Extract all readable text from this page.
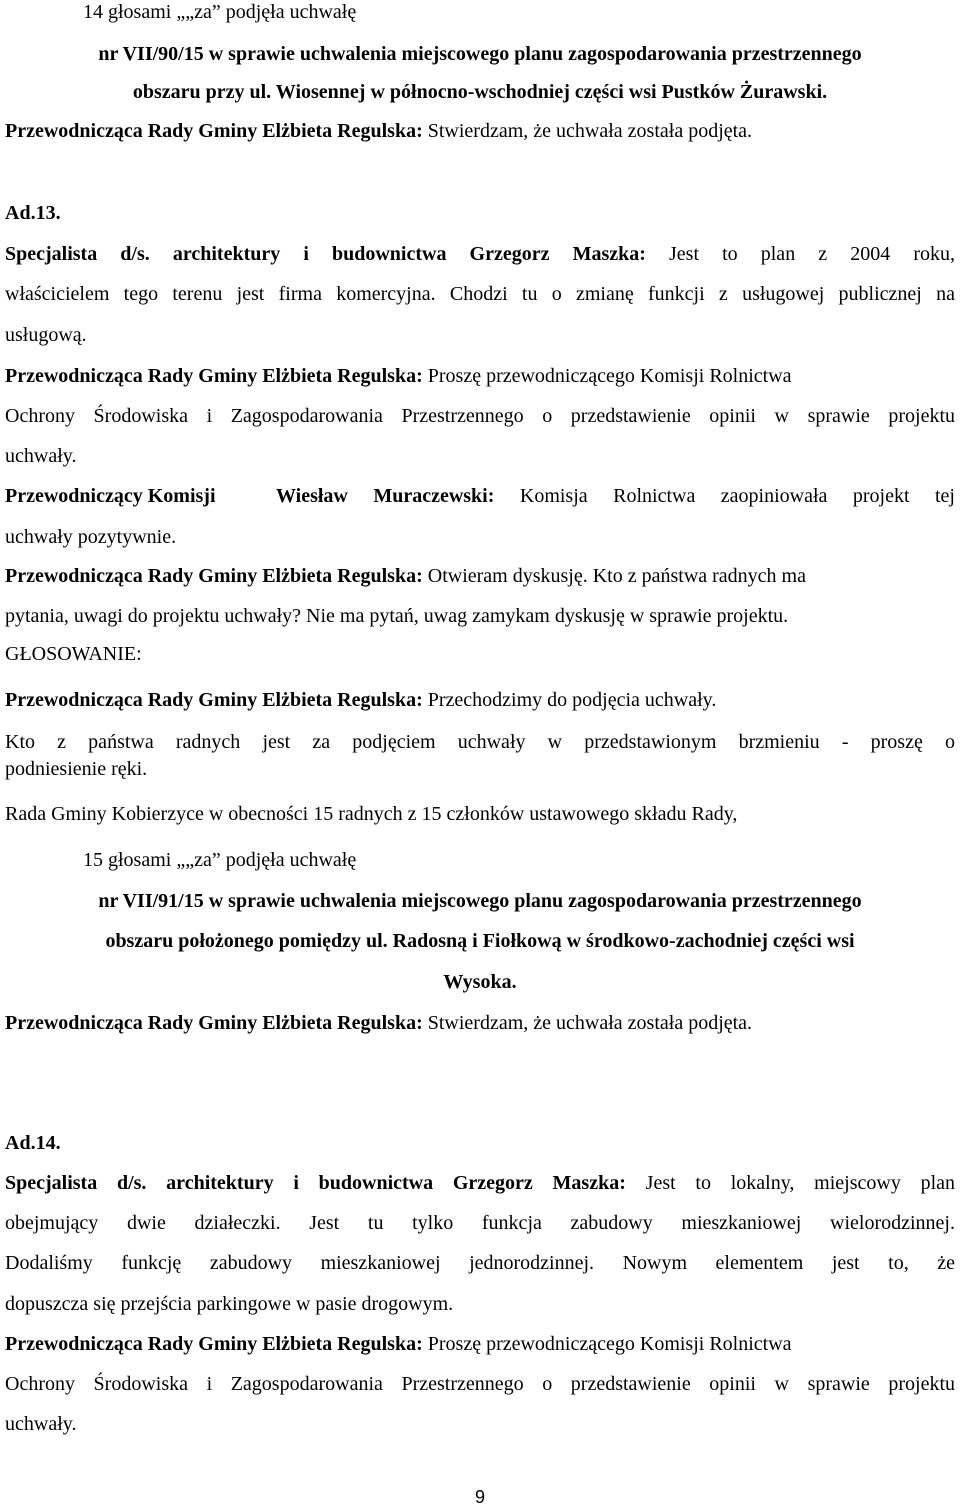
14 głosami „„za” podjęła uchwałę
nr VII/90/15 w sprawie uchwalenia miejscowego planu zagospodarowania przestrzennego
obszaru przy ul. Wiosennej w północno-wschodniej części wsi Pustków Żurawski.
Przewodnicząca Rady Gminy Elżbieta Regulska: Stwierdzam, że uchwała została podjęta.
Ad.13.
Specjalista d/s. architektury i budownictwa Grzegorz Maszka: Jest to plan z 2004 roku,
właścicielem tego terenu jest firma komercyjna. Chodzi tu o zmianę funkcji z usługowej publicznej na
usługową.
Przewodnicząca Rady Gminy Elżbieta Regulska: Proszę przewodniczącego Komisji Rolnictwa
Ochrony Środowiska i Zagospodarowania Przestrzennego o przedstawienie opinii w sprawie projektu
uchwały.
Przewodniczący Komisji	Wiesław Muraczewski: Komisja Rolnictwa zaopiniowała projekt tej
uchwały pozytywnie.
Przewodnicząca Rady Gminy Elżbieta Regulska: Otwieram dyskusję. Kto z państwa radnych ma
pytania, uwagi do projektu uchwały? Nie ma pytań, uwag zamykam dyskusję w sprawie projektu.
GŁOSOWANIE:
Przewodnicząca Rady Gminy Elżbieta Regulska: Przechodzimy do podjęcia uchwały.
Kto z państwa radnych jest za podjęciem uchwały w przedstawionym brzmieniu - proszę o
podniesienie ręki.
Rada Gminy Kobierzyce w obecności 15 radnych z 15 członków ustawowego składu Rady,
15 głosami „„za” podjęła uchwałę
nr VII/91/15 w sprawie uchwalenia miejscowego planu zagospodarowania przestrzennego
obszaru położonego pomiędzy ul. Radosną i Fiołkową w środkowo-zachodniej części wsi
Wysoka.
Przewodnicząca Rady Gminy Elżbieta Regulska: Stwierdzam, że uchwała została podjęta.
Ad.14.
Specjalista d/s. architektury i budownictwa Grzegorz Maszka: Jest to lokalny, miejscowy plan
obejmujący dwie działeczki. Jest tu tylko funkcja zabudowy mieszkaniowej wielorodzinnej.
Dodaliśmy funkcję zabudowy mieszkaniowej jednorodzinnej. Nowym elementem jest to, że
dopuszcza się przejścia parkingowe w pasie drogowym.
Przewodnicząca Rady Gminy Elżbieta Regulska: Proszę przewodniczącego Komisji Rolnictwa
Ochrony Środowiska i Zagospodarowania Przestrzennego o przedstawienie opinii w sprawie projektu
uchwały.
9
